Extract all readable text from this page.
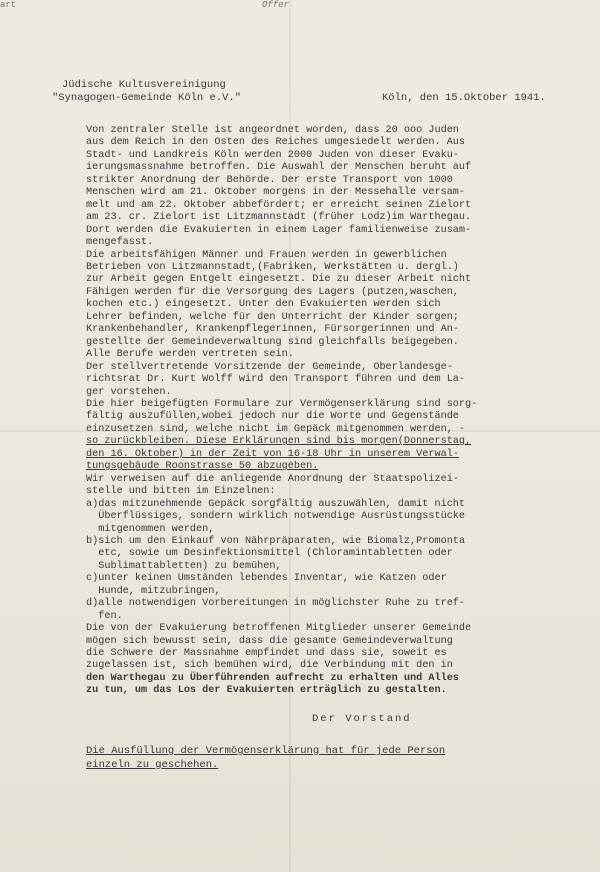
art	Offer
Jüdische Kultusvereinigung
"Synagogen-Gemeinde Köln e.V."	Köln, den 15.Oktober 1941.
Von zentraler Stelle ist angeordnet worden, dass 20 ooo Juden
aus dem Reich in den Osten des Reiches umgesiedelt werden. Aus
Stadt- und Landkreis Köln werden 2000 Juden von dieser Evaku-
ierungsmassnahme betroffen. Die Auswahl der Menschen beruht auf
strikter Anordnung der Behörde. Der erste Transport von 1000
Menschen wird am 21. Oktober morgens in der Messehalle versam-
melt und am 22. Oktober abbefördert; er erreicht seinen Zielort
am 23. cr. Zielort ist Litzmannstadt (früher Lodz)im Warthegau.
Dort werden die Evakuierten in einem Lager familienweise zusam-
mengefasst.
Die arbeitsfähigen Männer und Frauen werden in gewerblichen
Betrieben von Litzmannstadt,(Fabriken, Werkstätten u. dergl.)
zur Arbeit gegen Entgelt eingesetzt. Die zu dieser Arbeit nicht
Fähigen werden für die Versorgung des Lagers (putzen,waschen,
kochen etc.) eingesetzt. Unter den Evakuierten werden sich
Lehrer befinden, welche für den Unterricht der Kinder sorgen;
Krankenbehandler, Krankenpflegerinnen, Fürsorgerinnen und An-
gestellte der Gemeindeverwaltung sind gleichfalls beigegeben.
Alle Berufe werden vertreten sein.
Der stellvertretende Vorsitzende der Gemeinde, Oberlandesge-
richtsrat Dr. Kurt Wolff wird den Transport führen und dem La-
ger vorstehen.
Die hier beigefügten Formulare zur Vermögenserklärung sind sorg-
fältig auszufüllen,wobei jedoch nur die Worte und Gegenstände
einzusetzen sind, welche nicht im Gepäck mitgenommen werden, -
so zurückbleiben. Diese Erklärungen sind bis morgen(Donnerstag,
den 16. Oktober) in der Zeit von 16-18 Uhr in unserem Verwal-
tungsgebäude Roonstrasse 50 abzugeben.
Wir verweisen auf die anliegende Anordnung der Staatspolizei-
stelle und bitten im Einzelnen:
a)das mitzunehmende Gepäck sorgfältig auszuwählen, damit nicht
Überflüssiges, sondern wirklich notwendige Ausrüstungsstücke
mitgenommen werden,
b)sich um den Einkauf von Nährpräparaten, wie Biomalz,Promonta
etc, sowie um Desinfektionsmittel (Chloramintabletten oder
Sublimattabletten) zu bemühen,
c)unter keinen Umständen lebendes Inventar, wie Katzen oder
Hunde, mitzubringen,
d)alle notwendigen Vorbereitungen in möglichster Ruhe zu tref-
fen.
Die von der Evakuierung betroffenen Mitglieder unserer Gemeinde
mögen sich bewusst sein, dass die gesamte Gemeindeverwaltung
die Schwere der Massnahme empfindet und dass sie, soweit es
zugelassen ist, sich bemühen wird, die Verbindung mit den in
den Warthegau zu Überführenden aufrecht zu erhalten und Alles
zu tun, um das Los der Evakuierten erträglich zu gestalten.
Der Vorstand
Die Ausfüllung der Vermögenserklärung hat für jede Person
einzeln zu geschehen.
